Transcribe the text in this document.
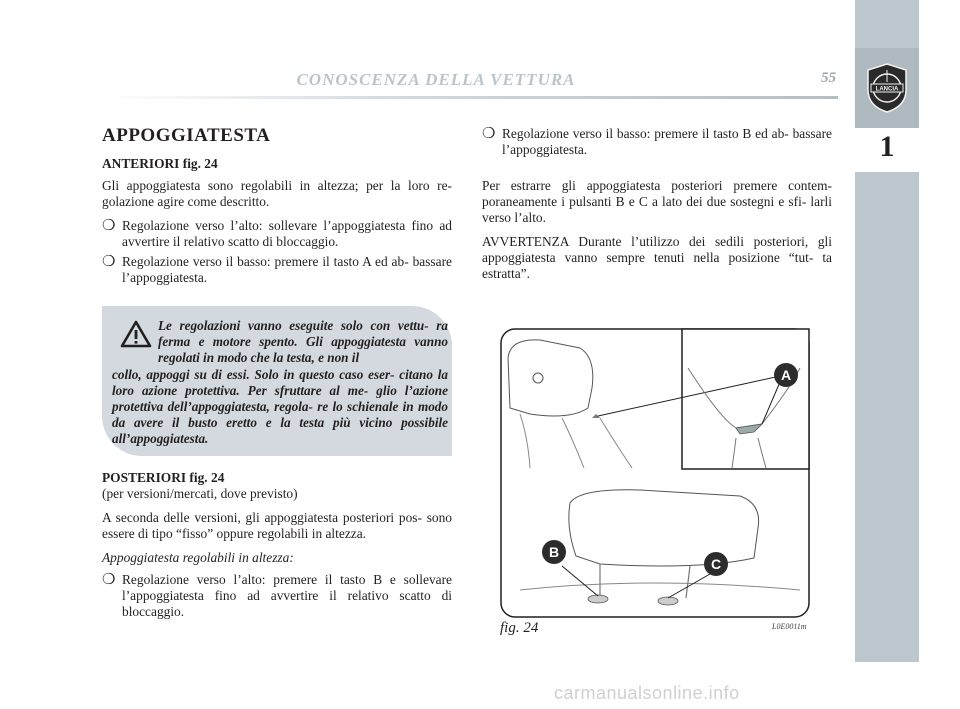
CONOSCENZA DELLA VETTURA	55
LANCIA
1
APPOGGIATESTA
ANTERIORI fig. 24

Gli appoggiatesta sono regolabili in altezza; per la loro re- golazione agire come descritto.

❍ Regolazione verso l’alto: sollevare l’appoggiatesta fino ad avvertire il relativo scatto di bloccaggio.

❍ Regolazione verso il basso: premere il tasto A ed ab- bassare l’appoggiatesta.

Le regolazioni vanno eseguite solo con vettu- ra ferma e motore spento. Gli appoggiatesta vanno regolati in modo che la testa, e non il
collo, appoggi su di essi. Solo in questo caso eser- citano la loro azione protettiva. Per sfruttare al me- glio l’azione protettiva dell’appoggiatesta, regola- re lo schienale in modo da avere il busto eretto e la testa più vicino possibile all’appoggiatesta.
POSTERIORI fig. 24
(per versioni/mercati, dove previsto)

A seconda delle versioni, gli appoggiatesta posteriori pos- sono essere di tipo “fisso” oppure regolabili in altezza.

Appoggiatesta regolabili in altezza:
❍ Regolazione verso l’alto: premere il tasto B e sollevare l’appoggiatesta fino ad avvertire il relativo scatto di bloccaggio.

❍ Regolazione verso il basso: premere il tasto B ed ab- bassare l’appoggiatesta.

Per estrarre gli appoggiatesta posteriori premere contem- poraneamente i pulsanti B e C a lato dei due sostegni e sfi- larli verso l’alto.

AVVERTENZA Durante l’utilizzo dei sedili posteriori, gli appoggiatesta vanno sempre tenuti nella posizione “tut- ta estratta”.

A
B
C
fig. 24	L0E0011m
carmanualsonline.info
